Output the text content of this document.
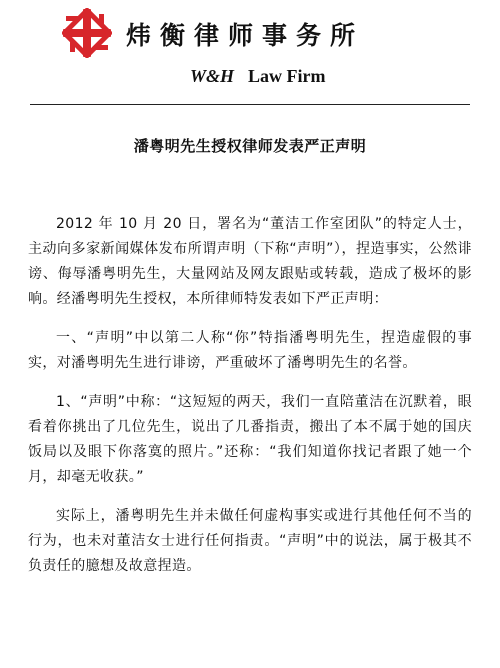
炜衡律师事务所
W&H Law Firm
潘粤明先生授权律师发表严正声明

2012 年 10 月 20 日，署名为“董洁工作室团队”的特定人士，主动向多家新闻媒体发布所谓声明（下称“声明”），捏造事实，公然诽谤、侮辱潘粤明先生，大量网站及网友跟贴或转载，造成了极坏的影响。经潘粤明先生授权，本所律师特发表如下严正声明：

一、“声明”中以第二人称“你”特指潘粤明先生，捏造虚假的事实，对潘粤明先生进行诽谤，严重破坏了潘粤明先生的名誉。

1、“声明”中称：“这短短的两天，我们一直陪董洁在沉默着，眼看着你挑出了几位先生，说出了几番指责，搬出了本不属于她的国庆饭局以及眼下你落寞的照片。”还称：“我们知道你找记者跟了她一个月，却毫无收获。”

实际上，潘粤明先生并未做任何虚构事实或进行其他任何不当的行为，也未对董洁女士进行任何指责。“声明”中的说法，属于极其不负责任的臆想及故意捏造。
